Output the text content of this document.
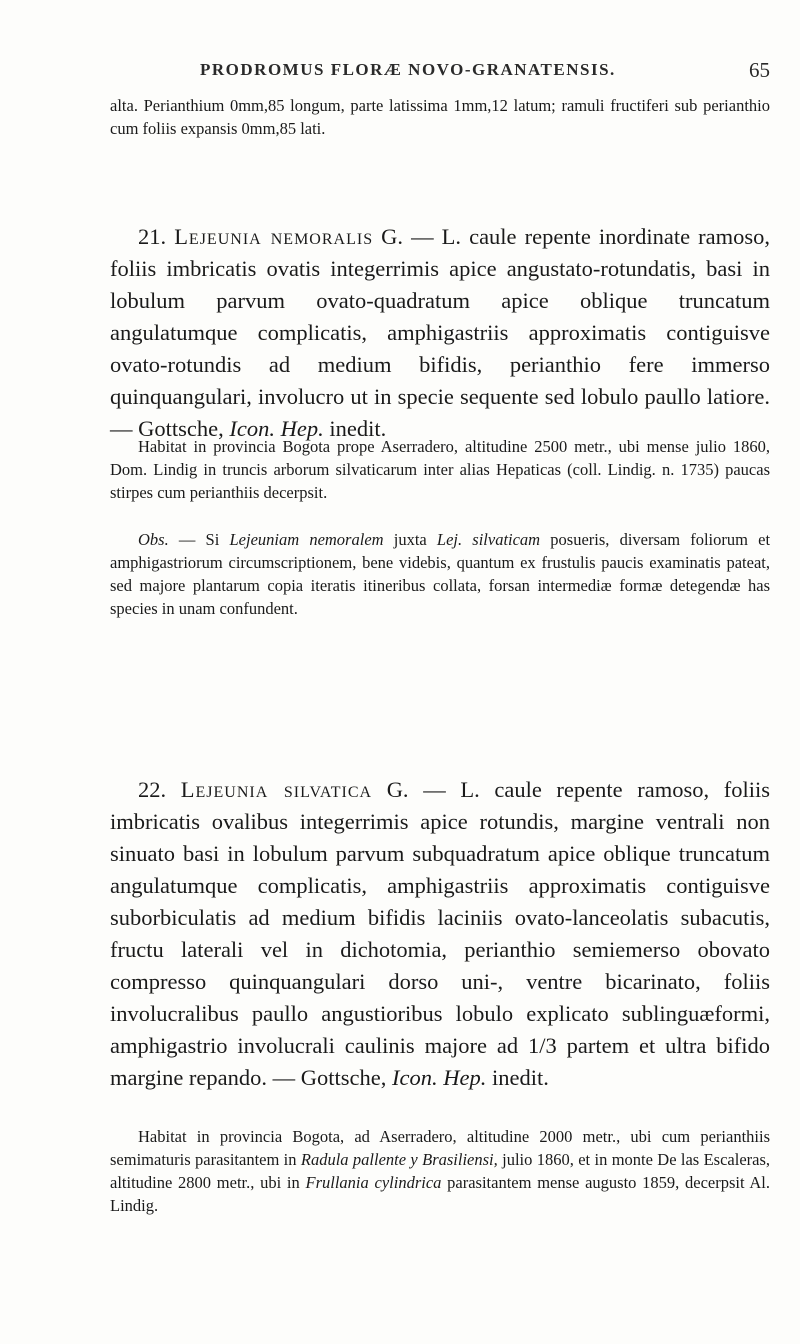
PRODROMUS FLORÆ NOVO-GRANATENSIS.	65

alta. Perianthium 0mm,85 longum, parte latissima 1mm,12 latum; ramuli fructiferi sub perianthio cum foliis expansis 0mm,85 lati.

21. Lejeunia nemoralis G. — L. caule repente inordinate ramoso, foliis imbricatis ovatis integerrimis apice angustato-rotundatis, basi in lobulum parvum ovato-quadratum apice oblique truncatum angulatumque complicatis, amphigastriis approximatis contiguisve ovato-rotundis ad medium bifidis, perianthio fere immerso quinquangulari, involucro ut in specie sequente sed lobulo paullo latiore. — Gottsche, Icon. Hep. inedit.

Habitat in provincia Bogota prope Aserradero, altitudine 2500 metr., ubi mense julio 1860, Dom. Lindig in truncis arborum silvaticarum inter alias Hepaticas (coll. Lindig. n. 1735) paucas stirpes cum perianthiis decerpsit.

Obs. — Si Lejeuniam nemoralem juxta Lej. silvaticam posueris, diversam foliorum et amphigastriorum circumscriptionem, bene videbis, quantum ex frustulis paucis examinatis pateat, sed majore plantarum copia iteratis itineribus collata, forsan intermediæ formæ detegendæ has species in unam confundent.

22. Lejeunia silvatica G. — L. caule repente ramoso, foliis imbricatis ovalibus integerrimis apice rotundis, margine ventrali non sinuato basi in lobulum parvum subquadratum apice oblique truncatum angulatumque complicatis, amphigastriis approximatis contiguisve suborbiculatis ad medium bifidis laciniis ovato-lanceolatis subacutis, fructu laterali vel in dichotomia, perianthio semiemerso obovato compresso quinquangulari dorso uni-, ventre bicarinato, foliis involucralibus paullo angustioribus lobulo explicato sublinguæformi, amphigastrio involucrali caulinis majore ad 1/3 partem et ultra bifido margine repando. — Gottsche, Icon. Hep. inedit.

Habitat in provincia Bogota, ad Aserradero, altitudine 2000 metr., ubi cum perianthiis semimaturis parasitantem in Radula pallente y Brasiliensi, julio 1860, et in monte De las Escaleras, altitudine 2800 metr., ubi in Frullania cylindrica parasitantem mense augusto 1859, decerpsit Al. Lindig.
